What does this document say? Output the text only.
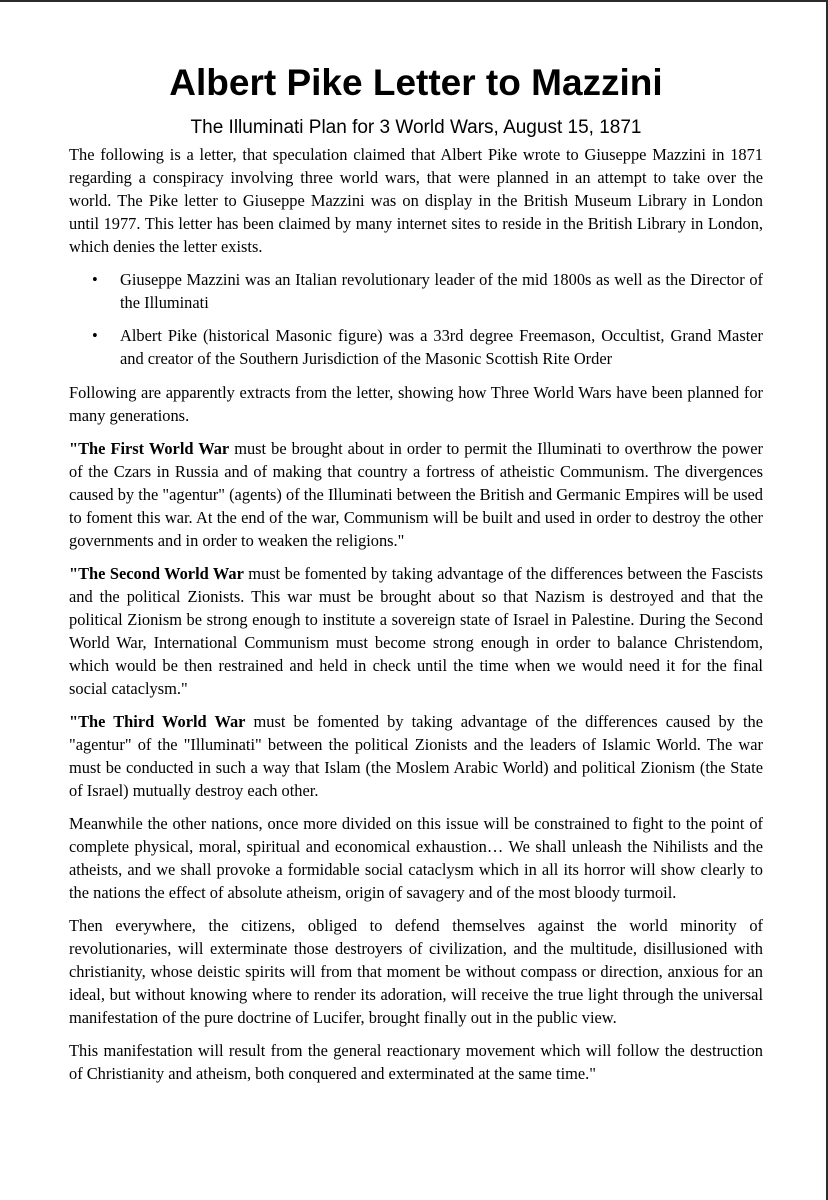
Albert Pike Letter to Mazzini
The Illuminati Plan for 3 World Wars, August 15, 1871

The following is a letter, that speculation claimed that Albert Pike wrote to Giuseppe Mazzini in 1871 regarding a conspiracy involving three world wars, that were planned in an attempt to take over the world. The Pike letter to Giuseppe Mazzini was on display in the British Museum Library in London until 1977. This letter has been claimed by many internet sites to reside in the British Library in London, which denies the letter exists.

• Giuseppe Mazzini was an Italian revolutionary leader of the mid 1800s as well as the Director of the Illuminati
• Albert Pike (historical Masonic figure) was a 33rd degree Freemason, Occultist, Grand Master and creator of the Southern Jurisdiction of the Masonic Scottish Rite Order

Following are apparently extracts from the letter, showing how Three World Wars have been planned for many generations.

"The First World War must be brought about in order to permit the Illuminati to overthrow the power of the Czars in Russia and of making that country a fortress of atheistic Communism. The divergences caused by the "agentur" (agents) of the Illuminati between the British and Germanic Empires will be used to foment this war. At the end of the war, Communism will be built and used in order to destroy the other governments and in order to weaken the religions."

"The Second World War must be fomented by taking advantage of the differences between the Fascists and the political Zionists. This war must be brought about so that Nazism is destroyed and that the political Zionism be strong enough to institute a sovereign state of Israel in Palestine. During the Second World War, International Communism must become strong enough in order to balance Christendom, which would be then restrained and held in check until the time when we would need it for the final social cataclysm."

"The Third World War must be fomented by taking advantage of the differences caused by the "agentur" of the "Illuminati" between the political Zionists and the leaders of Islamic World. The war must be conducted in such a way that Islam (the Moslem Arabic World) and political Zionism (the State of Israel) mutually destroy each other.

Meanwhile the other nations, once more divided on this issue will be constrained to fight to the point of complete physical, moral, spiritual and economical exhaustion… We shall unleash the Nihilists and the atheists, and we shall provoke a formidable social cataclysm which in all its horror will show clearly to the nations the effect of absolute atheism, origin of savagery and of the most bloody turmoil.

Then everywhere, the citizens, obliged to defend themselves against the world minority of revolutionaries, will exterminate those destroyers of civilization, and the multitude, disillusioned with christianity, whose deistic spirits will from that moment be without compass or direction, anxious for an ideal, but without knowing where to render its adoration, will receive the true light through the universal manifestation of the pure doctrine of Lucifer, brought finally out in the public view.

This manifestation will result from the general reactionary movement which will follow the destruction of Christianity and atheism, both conquered and exterminated at the same time."
